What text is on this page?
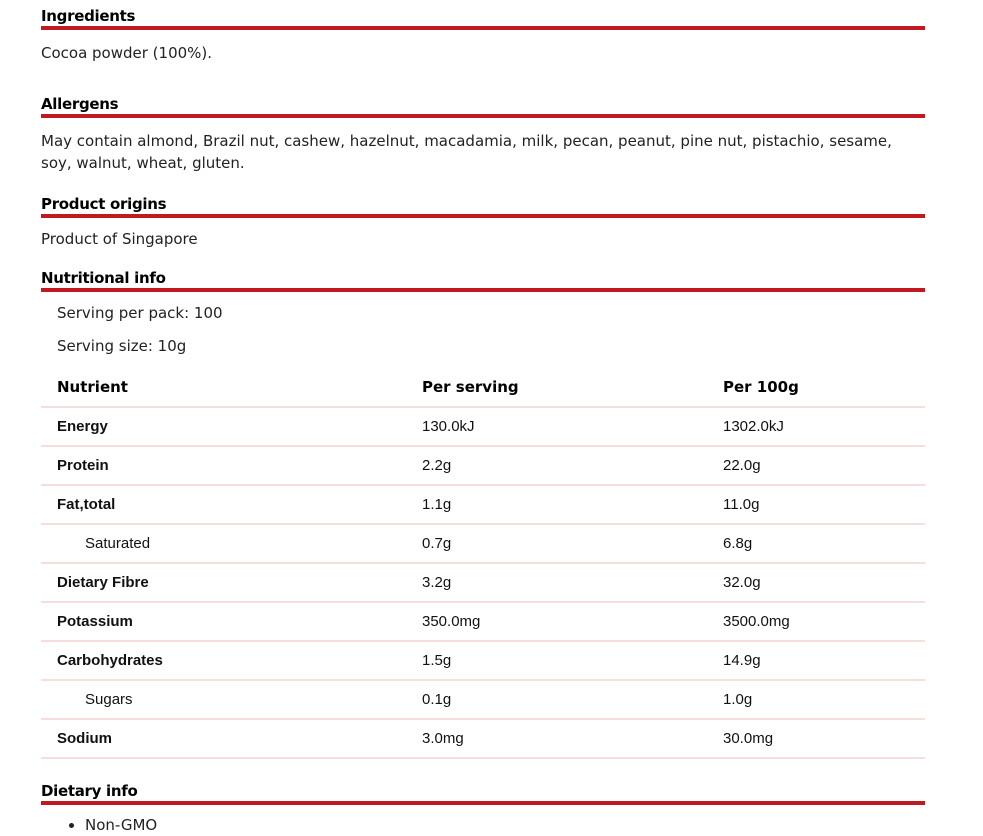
Ingredients
Cocoa powder (100%).
Allergens
May contain almond, Brazil nut, cashew, hazelnut, macadamia, milk, pecan, peanut, pine nut, pistachio, sesame, soy, walnut, wheat, gluten.
Product origins
Product of Singapore
Nutritional info
Serving per pack: 100
Serving size: 10g
Nutrient	Per serving	Per 100g
Energy	130.0kJ	1302.0kJ
Protein	2.2g	22.0g
Fat,total	1.1g	11.0g
Saturated	0.7g	6.8g
Dietary Fibre	3.2g	32.0g
Potassium	350.0mg	3500.0mg
Carbohydrates	1.5g	14.9g
Sugars	0.1g	1.0g
Sodium	3.0mg	30.0mg
Dietary info
• Non-GMO
